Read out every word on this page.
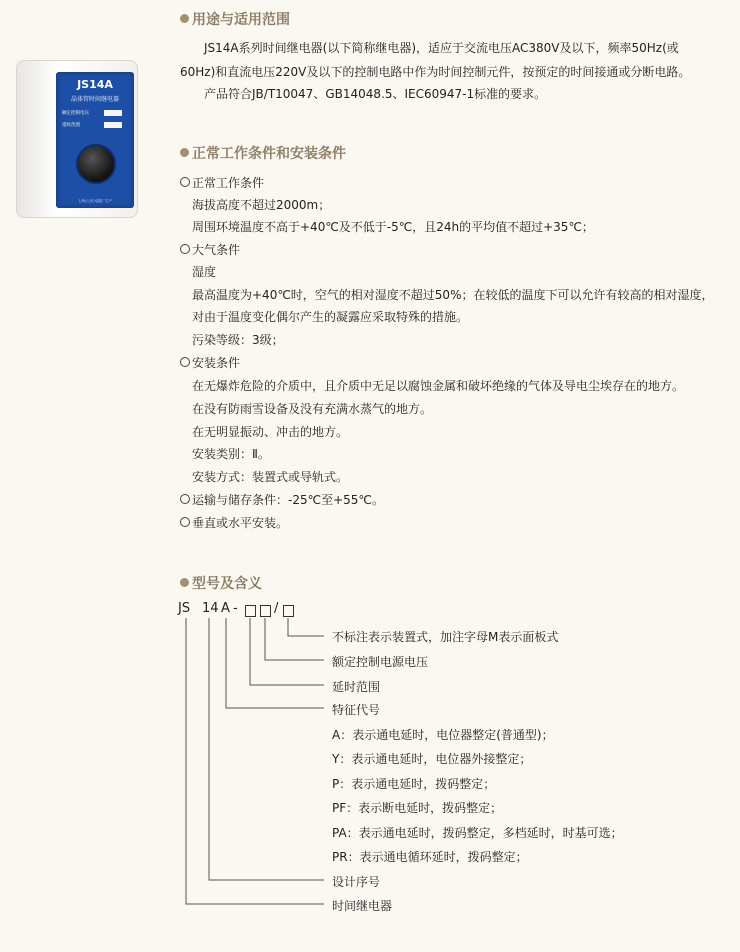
JS14A
晶体管时间继电器
额定控制电压
延时范围
上海(人民)电器厂生产
用途与适用范围
JS14A系列时间继电器(以下简称继电器)，适应于交流电压AC380V及以下，频率50Hz(或
60Hz)和直流电压220V及以下的控制电路中作为时间控制元件，按预定的时间接通或分断电路。
产品符合JB/T10047、GB14048.5、IEC60947-1标准的要求。
正常工作条件和安装条件
正常工作条件
海拔高度不超过2000m；
周围环境温度不高于+40℃及不低于-5℃，且24h的平均值不超过+35℃；
大气条件
湿度
最高温度为+40℃时，空气的相对湿度不超过50%；在较低的温度下可以允许有较高的相对湿度，
对由于温度变化偶尔产生的凝露应采取特殊的措施。
污染等级：3级；
安装条件
在无爆炸危险的介质中，且介质中无足以腐蚀金属和破坏绝缘的气体及导电尘埃存在的地方。
在没有防雨雪设备及没有充满水蒸气的地方。
在无明显振动、冲击的地方。
安装类别：Ⅱ。
安装方式：装置式或导轨式。
运输与储存条件：-25℃至+55℃。
垂直或水平安装。
型号及含义
JS 14 A -	/
不标注表示装置式，加注字母M表示面板式
额定控制电源电压
延时范围
特征代号
A：表示通电延时，电位器整定(普通型)；
Y：表示通电延时，电位器外接整定；
P：表示通电延时，拨码整定；
PF：表示断电延时，拨码整定；
PA：表示通电延时，拨码整定，多档延时，时基可选；
PR：表示通电循环延时，拨码整定；
设计序号
时间继电器
